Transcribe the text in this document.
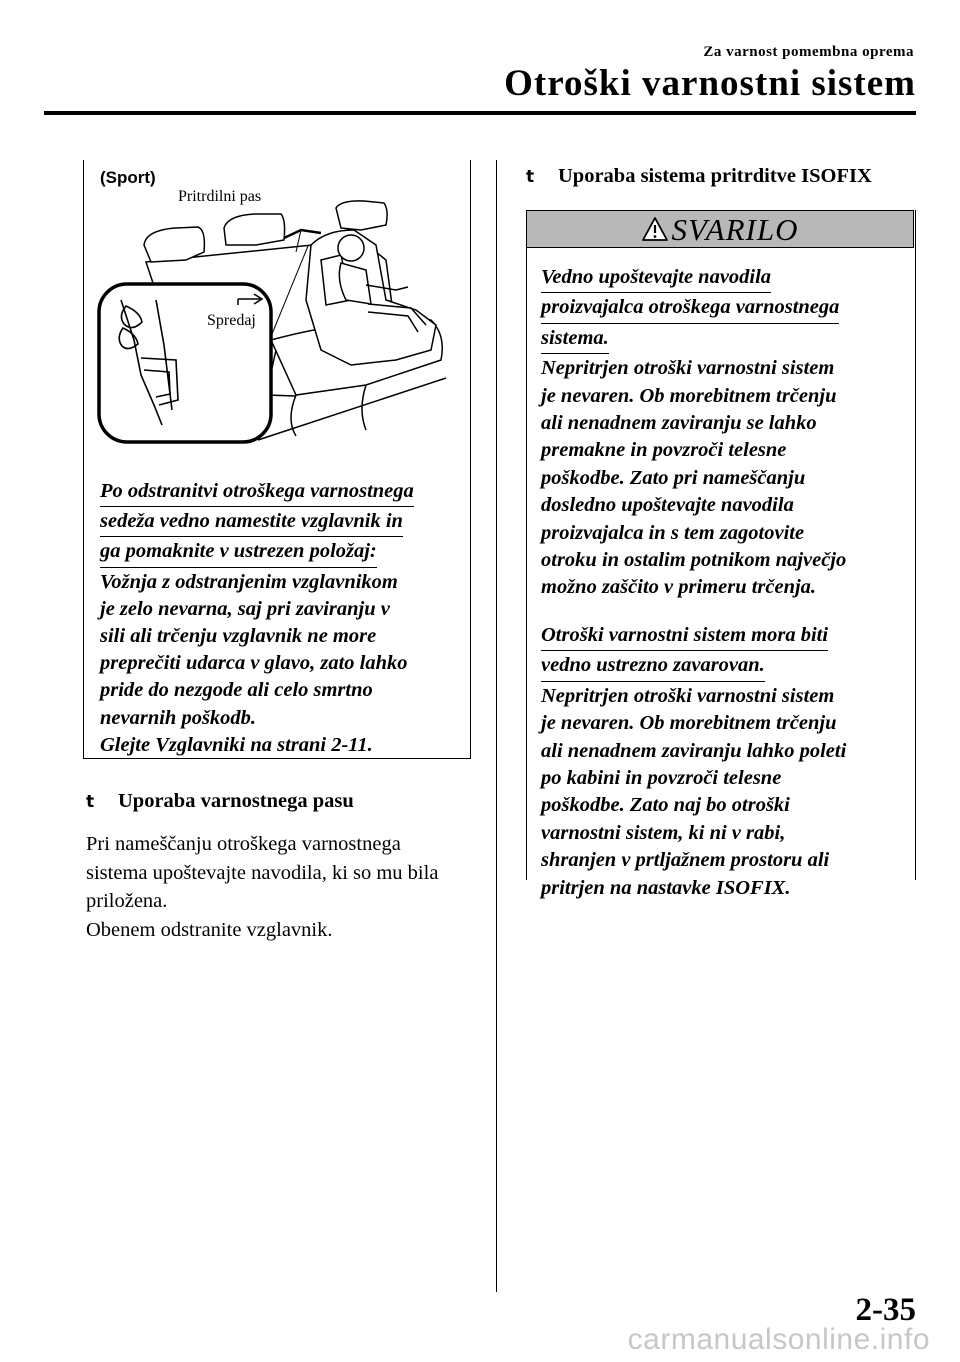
Za varnost pomembna oprema
Otroški varnostni sistem
(Sport)
Pritrdilni pas
Spredaj
Po odstranitvi otroškega varnostnega
sedeža vedno namestite vzglavnik in
ga pomaknite v ustrezen položaj:
Vožnja z odstranjenim vzglavnikom
je zelo nevarna, saj pri zaviranju v
sili ali trčenju vzglavnik ne more
preprečiti udarca v glavo, zato lahko
pride do nezgode ali celo smrtno
nevarnih poškodb.
Glejte Vzglavniki na strani 2-11.
t Uporaba varnostnega pasu
Pri nameščanju otroškega varnostnega
sistema upoštevajte navodila, ki so mu bila
priložena.
Obenem odstranite vzglavnik.
t Uporaba sistema pritrditve ISOFIX
SVARILO
Vedno upoštevajte navodila
proizvajalca otroškega varnostnega
sistema.
Nepritrjen otroški varnostni sistem
je nevaren. Ob morebitnem trčenju
ali nenadnem zaviranju se lahko
premakne in povzroči telesne
poškodbe. Zato pri nameščanju
dosledno upoštevajte navodila
proizvajalca in s tem zagotovite
otroku in ostalim potnikom največjo
možno zaščito v primeru trčenja.
Otroški varnostni sistem mora biti
vedno ustrezno zavarovan.
Nepritrjen otroški varnostni sistem
je nevaren. Ob morebitnem trčenju
ali nenadnem zaviranju lahko poleti
po kabini in povzroči telesne
poškodbe. Zato naj bo otroški
varnostni sistem, ki ni v rabi,
shranjen v prtljažnem prostoru ali
pritrjen na nastavke ISOFIX.
2-35
carmanualsonline.info
